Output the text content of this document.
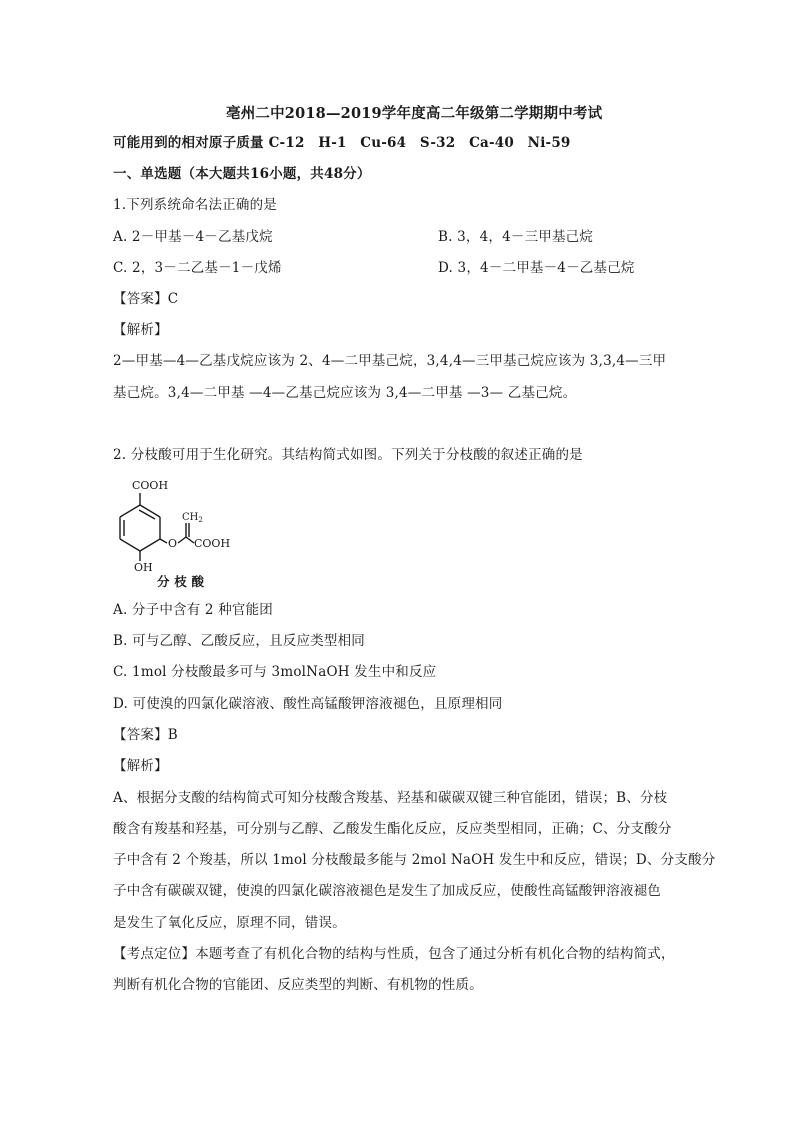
亳州二中2018—2019学年度高二年级第二学期期中考试
可能用到的相对原子质量 C-12　H-1　Cu-64　S-32　Ca-40　Ni-59
一、单选题（本大题共16小题，共48分）
1.下列系统命名法正确的是
A. 2－甲基－4－乙基戊烷	B. 3，4，4－三甲基己烷
C. 2，3－二乙基－1－戊烯	D. 3，4－二甲基－4－乙基己烷
【答案】C
【解析】
2—甲基—4—乙基戊烷应该为 2、4—二甲基己烷，3,4,4—三甲基己烷应该为 3,3,4—三甲
基己烷。3,4—二甲基 —4—乙基己烷应该为 3,4—二甲基 —3— 乙基己烷。
2. 分枝酸可用于生化研究。其结构简式如图。下列关于分枝酸的叙述正确的是
COOH
$CH_2$
O COOH
OH
分 枝 酸
A. 分子中含有 2 种官能团
B. 可与乙醇、乙酸反应，且反应类型相同
C. 1mol 分枝酸最多可与 3molNaOH 发生中和反应
D. 可使溴的四氯化碳溶液、酸性高锰酸钾溶液褪色，且原理相同
【答案】B
【解析】
A、根据分支酸的结构简式可知分枝酸含羧基、羟基和碳碳双键三种官能团，错误；B、分枝
酸含有羧基和羟基，可分别与乙醇、乙酸发生酯化反应，反应类型相同，正确；C、分支酸分
子中含有 2 个羧基，所以 1mol 分枝酸最多能与 2mol NaOH 发生中和反应，错误；D、分支酸分
子中含有碳碳双键，使溴的四氯化碳溶液褪色是发生了加成反应，使酸性高锰酸钾溶液褪色
是发生了氧化反应，原理不同，错误。
【考点定位】本题考查了有机化合物的结构与性质，包含了通过分析有机化合物的结构简式，
判断有机化合物的官能团、反应类型的判断、有机物的性质。
